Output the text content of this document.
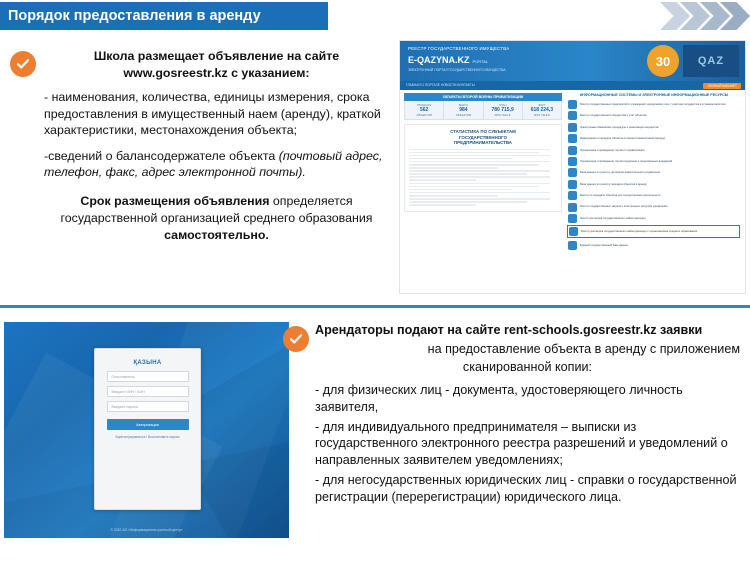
Порядок предоставления в аренду
Школа размещает объявление на сайте
www.gosreestr.kz с указанием:

- наименования, количества, единицы измерения, срока предоставления в имущественный наем (аренду), краткой характеристики, местонахождения объекта;

-сведений о балансодержателе объекта (почтовый адрес, телефон, факс, адрес электронной почты).

Срок размещения объявления определяется государственной организацией среднего образования самостоятельно.
РЕЕСТР ГОСУДАРСТВЕННОГО ИМУЩЕСТВА
E-QAZYNA.KZ PORTAL
ЭЛЕКТРОННЫЙ ПОРТАЛ ГОСУДАРСТВЕННОГО ИМУЩЕСТВА
30	QAZ
ГЛАВНАЯ О ПОРТАЛЕ НОВОСТИ КОНТАКТЫ	ЛИЧНЫЙ КАБИНЕТ
ОБЪЕКТЫ ВТОРОЙ ВОЛНЫ ПРИВАТИЗАЦИИ
ПРОДАНО
562
ОБЪЕКТОВ
ВСЕГО
984
ОБЪЕКТОВ
ПЛАН
780 715,9
МЛН ТЕНГЕ
ФАКТ
618 224,3
МЛН ТЕНГЕ
СТАТИСТИКА ПО СУБЪЕКТАМ
ГОСУДАРСТВЕННОГО
ПРЕДПРИНИМАТЕЛЬСТВА
ИНФОРМАЦИОННЫЕ СИСТЕМЫ И ЭЛЕКТРОННЫЕ ИНФОРМАЦИОННЫЕ РЕСУРСЫ
Реестр государственных предприятий и учреждений, юридических лиц с участием государства в уставном капитале
Реестр государственного имущества и учет объектов
Электронные банковские процедуры и реализация имущества
Информация о передаче объектов в имущественный наем (аренду)
Организация и проведение торгов по приватизации
Организация и проведение торгов продления и лицензионных внедрений
База данных по реестру договоров доверительного управления
База данных по реестру передачи объектов в аренду
Реестр по передаче объектов для осуществления деятельности
Реестр государственных закупок и электронных ресурсов управления
Реестр договоров государственного найма (аренды)
Реестр договоров государственного найма (аренды) с организациями среднего образования
Единый государственный банк данных
ҚАЗЫНА
Пользователь
Введите ИИН / БИН
Введите пароль
Авторизация
Зарегистрироваться / Восстановить пароль
© 2022 АО «Информационно-учетный центр»
Арендаторы подают на сайте rent-schools.gosreestr.kz заявки
на предоставление объекта в аренду с приложением
сканированной копии:

- для физических лиц - документа, удостоверяющего личность заявителя,

- для индивидуального предпринимателя – выписки из государственного электронного реестра разрешений и уведомлений о направленных заявителем уведомлениях;

- для негосударственных юридических лиц - справки о государственной регистрации (перерегистрации) юридического лица.
